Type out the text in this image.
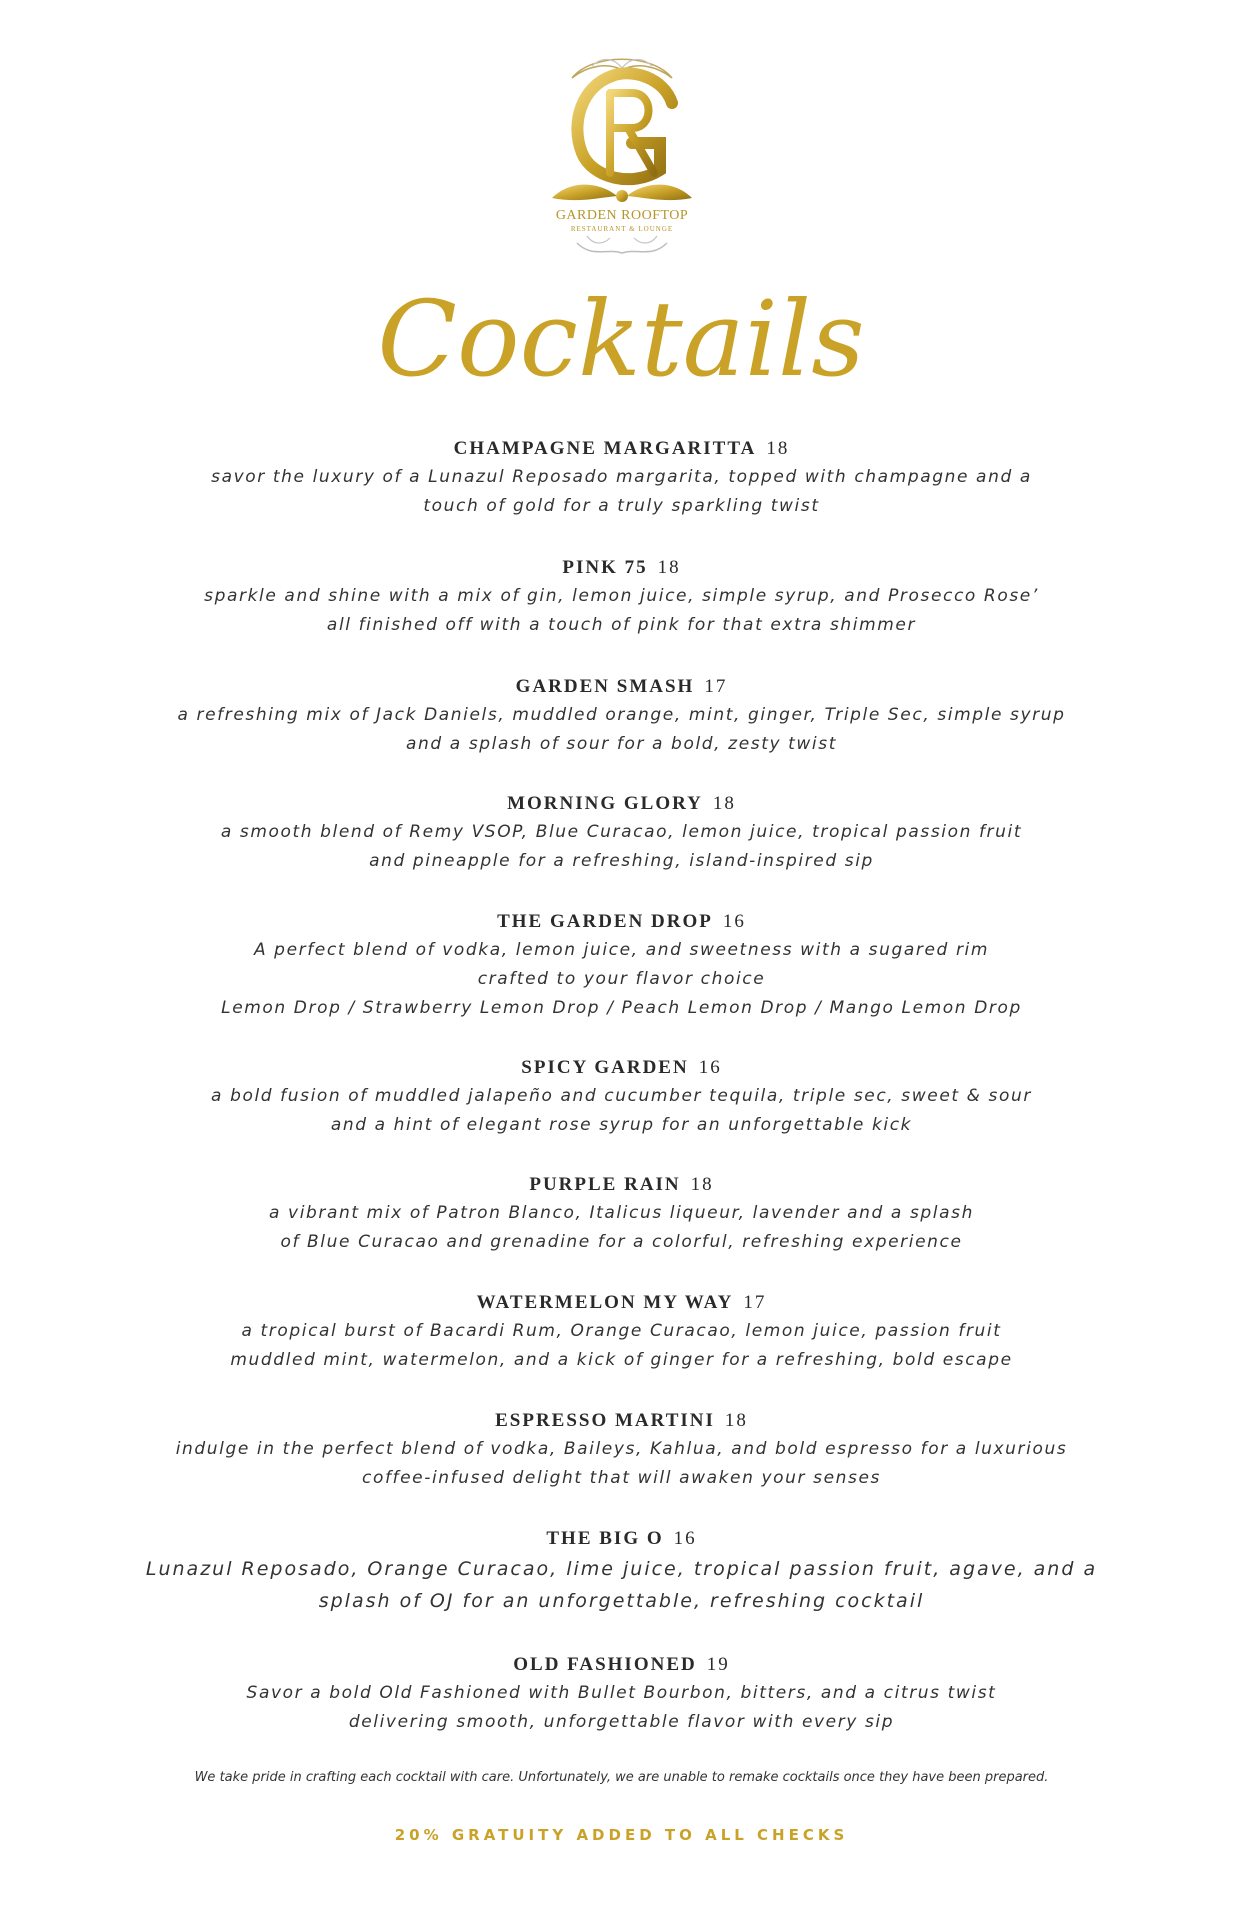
GARDEN ROOFTOP
RESTAURANT & LOUNGE
Cocktails
CHAMPAGNE MARGARITTA 18
savor the luxury of a Lunazul Reposado margarita, topped with champagne and a
touch of gold for a truly sparkling twist
PINK 75 18
sparkle and shine with a mix of gin, lemon juice, simple syrup, and Prosecco Rose’
all finished off with a touch of pink for that extra shimmer
GARDEN SMASH 17
a refreshing mix of Jack Daniels, muddled orange, mint, ginger, Triple Sec, simple syrup
and a splash of sour for a bold, zesty twist
MORNING GLORY 18
a smooth blend of Remy VSOP, Blue Curacao, lemon juice, tropical passion fruit
and pineapple for a refreshing, island-inspired sip
THE GARDEN DROP 16
A perfect blend of vodka, lemon juice, and sweetness with a sugared rim
crafted to your flavor choice
Lemon Drop / Strawberry Lemon Drop / Peach Lemon Drop / Mango Lemon Drop
SPICY GARDEN 16
a bold fusion of muddled jalapeño and cucumber tequila, triple sec, sweet & sour
and a hint of elegant rose syrup for an unforgettable kick
PURPLE RAIN 18
a vibrant mix of Patron Blanco, Italicus liqueur, lavender and a splash
of Blue Curacao and grenadine for a colorful, refreshing experience
WATERMELON MY WAY 17
a tropical burst of Bacardi Rum, Orange Curacao, lemon juice, passion fruit
muddled mint, watermelon, and a kick of ginger for a refreshing, bold escape
ESPRESSO MARTINI 18
indulge in the perfect blend of vodka, Baileys, Kahlua, and bold espresso for a luxurious
coffee-infused delight that will awaken your senses
THE BIG O 16
Lunazul Reposado, Orange Curacao, lime juice, tropical passion fruit, agave, and a
splash of OJ for an unforgettable, refreshing cocktail
OLD FASHIONED 19
Savor a bold Old Fashioned with Bullet Bourbon, bitters, and a citrus twist
delivering smooth, unforgettable flavor with every sip
We take pride in crafting each cocktail with care. Unfortunately, we are unable to remake cocktails once they have been prepared.
20% GRATUITY ADDED TO ALL CHECKS
